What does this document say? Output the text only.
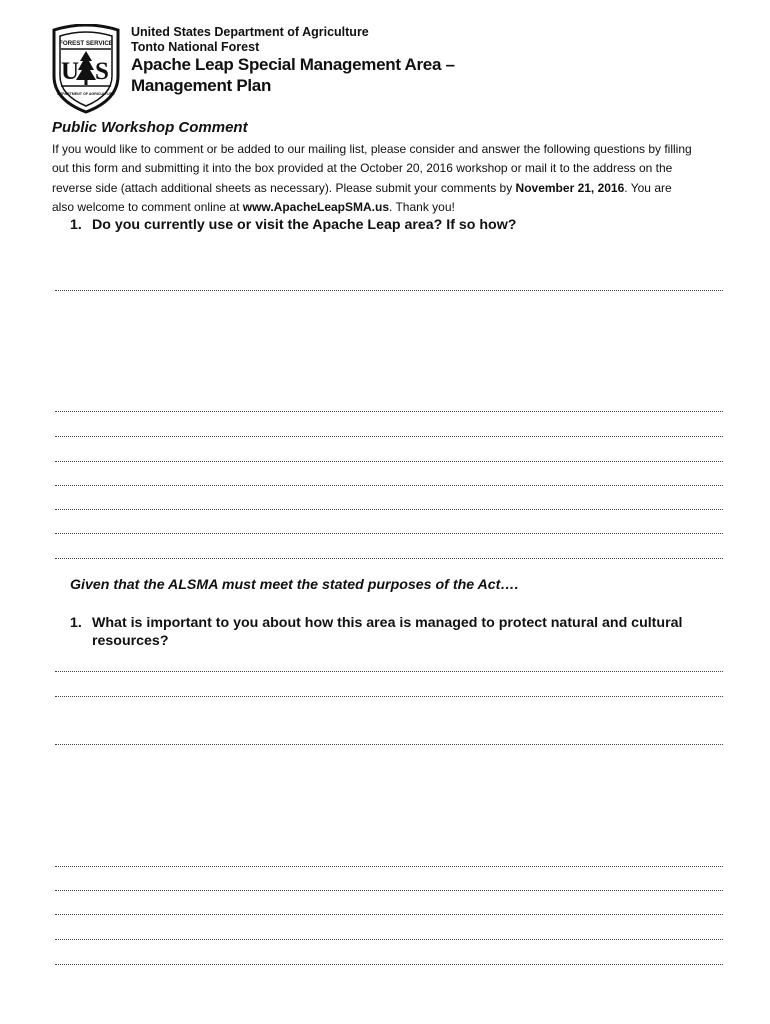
FOREST SERVICE
U S
DEPARTMENT OF AGRICULTURE
United States Department of Agriculture
Tonto National Forest
Apache Leap Special Management Area –
Management Plan
Public Workshop Comment
If you would like to comment or be added to our mailing list, please consider and answer the following questions by filling
out this form and submitting it into the box provided at the October 20, 2016 workshop or mail it to the address on the
reverse side (attach additional sheets as necessary). Please submit your comments by November 21, 2016. You are
also welcome to comment online at www.ApacheLeapSMA.us. Thank you!
1. Do you currently use or visit the Apache Leap area? If so how?
Given that the ALSMA must meet the stated purposes of the Act….
1. What is important to you about how this area is managed to protect natural and cultural
resources?
